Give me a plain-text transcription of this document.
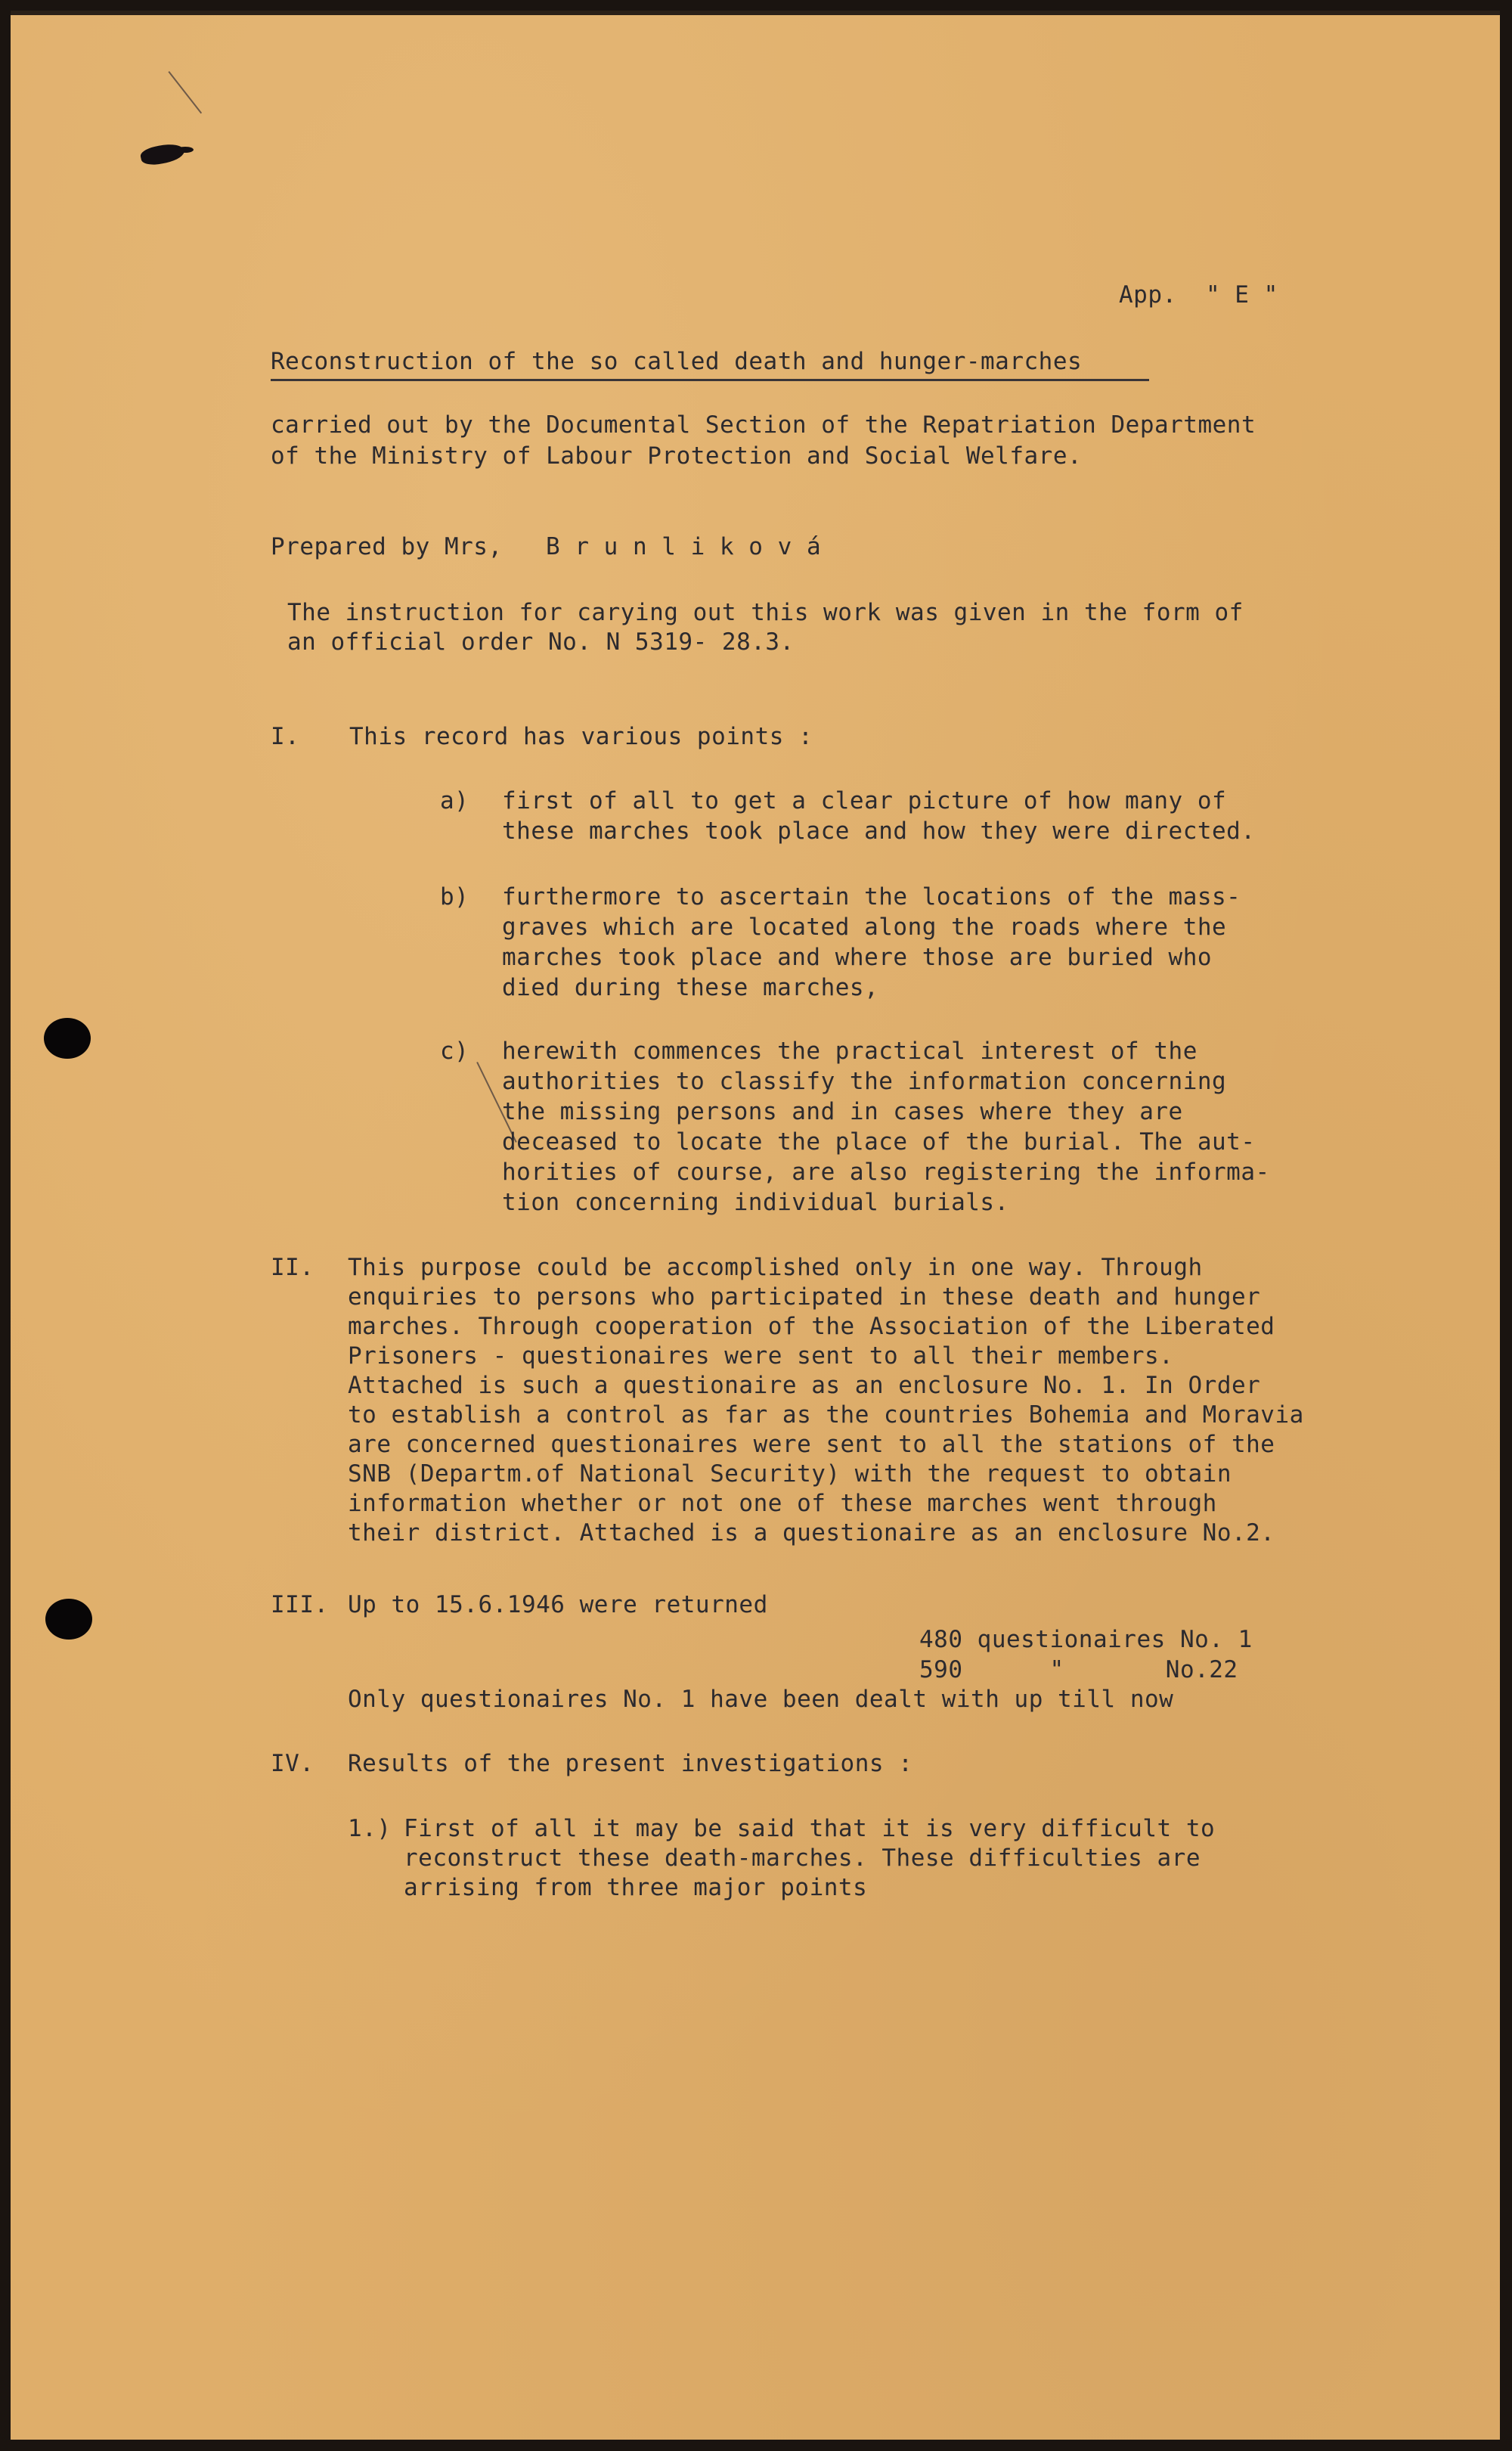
App.  " E "
Reconstruction of the so called death and hunger-marches
carried out by the Documental Section of the Repatriation Department
of the Ministry of Labour Protection and Social Welfare.
Prepared by Mrs, B r u n l i k o v á
The instruction for carying out this work was given in the form of
an official order No. N 5319- 28.3.
I. This record has various points :
a) first of all to get a clear picture of how many of
these marches took place and how they were directed.
b) furthermore to ascertain the locations of the mass-
graves which are located along the roads where the
marches took place and where those are buried who
died during these marches,
c) herewith commences the practical interest of the
authorities to classify the information concerning
the missing persons and in cases where they are
deceased to locate the place of the burial. The aut-
horities of course, are also registering the informa-
tion concerning individual burials.
II. This purpose could be accomplished only in one way. Through
enquiries to persons who participated in these death and hunger
marches. Through cooperation of the Association of the Liberated
Prisoners - questionaires were sent to all their members.
Attached is such a questionaire as an enclosure No. 1. In Order
to establish a control as far as the countries Bohemia and Moravia
are concerned questionaires were sent to all the stations of the
SNB (Departm.of National Security) with the request to obtain
information whether or not one of these marches went through
their district. Attached is a questionaire as an enclosure No.2.
III. Up to 15.6.1946 were returned
480 questionaires No. 1
590      "       No.22
Only questionaires No. 1 have been dealt with up till now
IV. Results of the present investigations :
1.) First of all it may be said that it is very difficult to
reconstruct these death-marches. These difficulties are
arrising from three major points
